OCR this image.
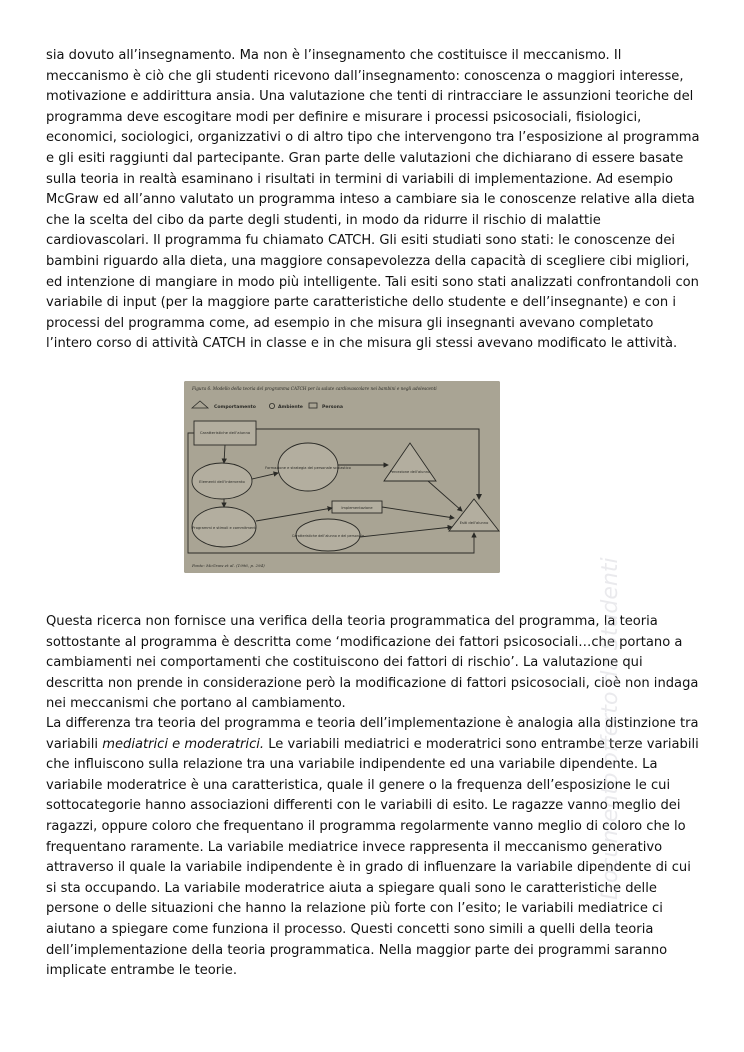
sia dovuto all’insegnamento. Ma non è l’insegnamento che costituisce il meccanismo. Il meccanismo è ciò che gli studenti ricevono dall’insegnamento: conoscenza o maggiori interesse, motivazione e addirittura ansia. Una valutazione che tenti di rintracciare le assunzioni teoriche del programma deve escogitare modi per definire e misurare i processi psicosociali, fisiologici, economici, sociologici, organizzativi o di altro tipo che intervengono tra l’esposizione al programma e gli esiti raggiunti dal partecipante. Gran parte delle valutazioni che dichiarano di essere basate sulla teoria in realtà esaminano i risultati in termini di variabili di implementazione. Ad esempio McGraw ed all’anno valutato un programma inteso a cambiare sia le conoscenze relative alla dieta che la scelta del cibo da parte degli studenti, in modo da ridurre il rischio di malattie cardiovascolari. Il programma fu chiamato CATCH. Gli esiti studiati sono stati: le conoscenze dei bambini riguardo alla dieta, una maggiore consapevolezza della capacità di scegliere cibi migliori, ed intenzione di mangiare in modo più intelligente. Tali esiti sono stati analizzati confrontandoli con variabile di input (per la maggiore parte caratteristiche dello studente e dell’insegnante) e con i processi del programma come, ad esempio in che misura gli insegnanti avevano completato l’intero corso di attività CATCH in classe e in che misura gli stessi avevano modificato le attività.

Figura 6. Modello della teoria del programma CATCH per la salute cardiovascolare nei bambini e negli adolescenti
Comportamento	Ambiente	Persona
Caratteristiche dell’alunno
Elementi dell’intervento
Formazione e strategia del personale scolastico
Percezione dell’alunno
Programmi e stimoli e commitment
Implementazione
Caratteristiche dell’alunno e del personale
Esiti dell’alunno
Fonte: McGraw et al. (1996, p. 294)

Questa ricerca non fornisce una verifica della teoria programmatica del programma, la teoria sottostante al programma è descritta come ‘modificazione dei fattori psicosociali…che portano a cambiamenti nei comportamenti che costituiscono dei fattori di rischio’. La valutazione qui descritta non prende in considerazione però la modificazione di fattori psicosociali, cioè non indaga nei meccanismi che portano al cambiamento.

La differenza tra teoria del programma e teoria dell’implementazione è analogia alla distinzione tra variabili mediatrici e moderatrici. Le variabili mediatrici e moderatrici sono entrambe terze variabili che influiscono sulla relazione tra una variabile indipendente ed una variabile dipendente. La variabile moderatrice è una caratteristica, quale il genere o la frequenza dell’esposizione le cui sottocategorie hanno associazioni differenti con le variabili di esito. Le ragazze vanno meglio dei ragazzi, oppure coloro che frequentano il programma regolarmente vanno meglio di coloro che lo frequentano raramente. La variabile mediatrice invece rappresenta il meccanismo generativo attraverso il quale la variabile indipendente è in grado di influenzare la variabile dipendente di cui si sta occupando. La variabile moderatrice aiuta a spiegare quali sono le caratteristiche delle persone o delle situazioni che hanno la relazione più forte con l’esito; le variabili mediatrice ci aiutano a spiegare come funziona il processo. Questi concetti sono simili a quelli della teoria dell’implementazione della teoria programmatica. Nella maggior parte dei programmi saranno implicate entrambe le teorie.

Documento offerto da Studenti
